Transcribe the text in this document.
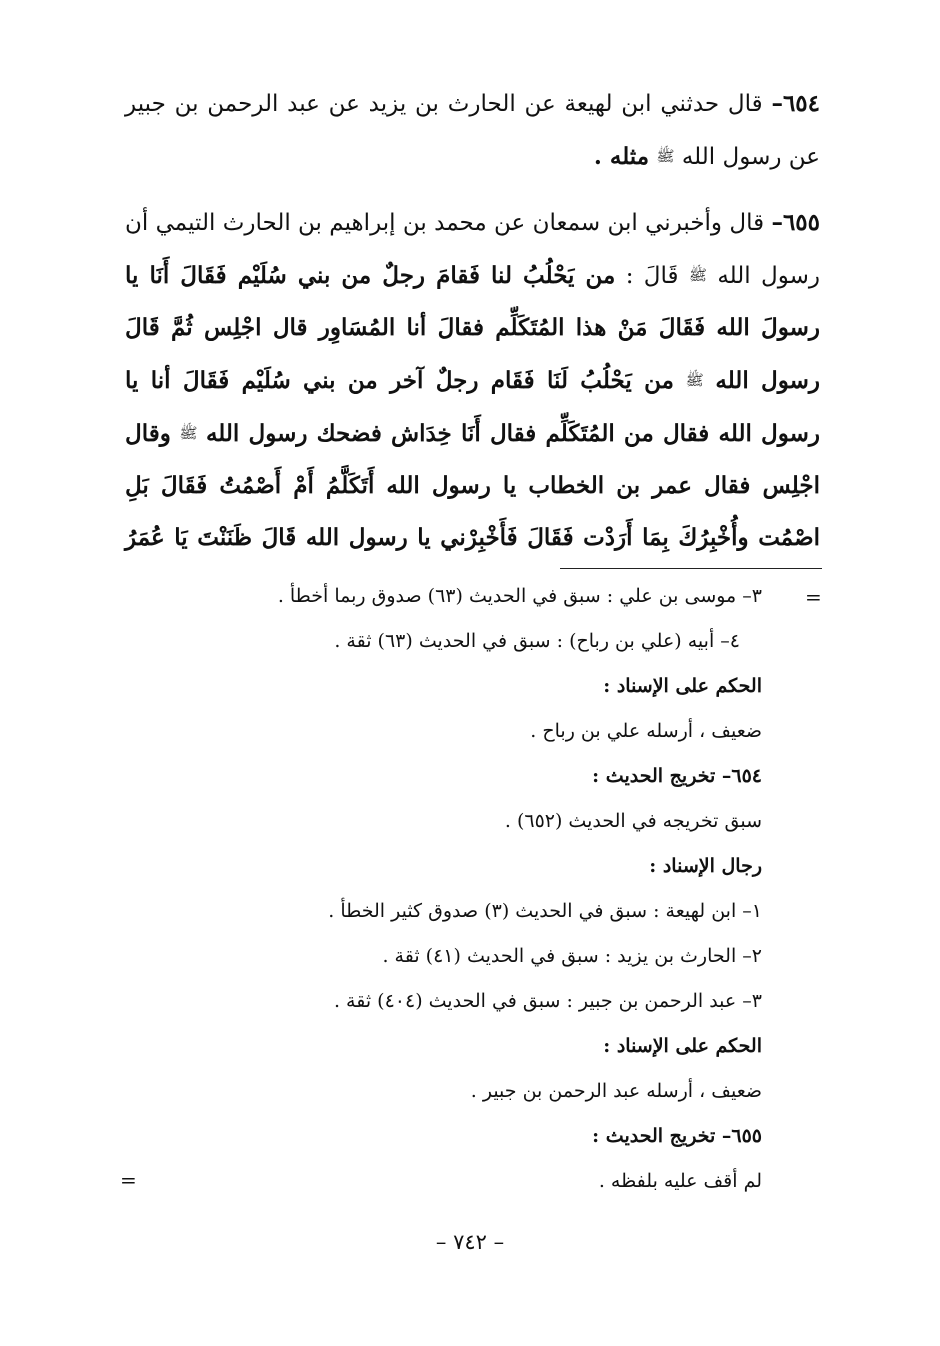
٦٥٤– قال حدثني ابن لهيعة عن الحارث بن يزيد عن عبد الرحمن بن جبير عن رسول الله ﷺ مثله .

٦٥٥– قال وأخبرني ابن سمعان عن محمد بن إبراهيم بن الحارث التيمي أن رسول الله ﷺ قَالَ : من يَحْلُبُ لنا فَقامَ رجلٌ من بني سُلَيْم فَقَالَ أَنَا يا رسولَ الله فَقَالَ مَنْ هذا المُتَكَلِّم فقالَ أنا المُسَاوِر قال اجْلِس ثُمَّ قَالَ رسول الله ﷺ من يَحْلُبُ لَنَا فَقَام رجلٌ آخر من بني سُلَيْم فَقَالَ أنا يا رسول الله فقال من المُتَكَلِّم فقال أَنَا خِدَاش فضحك رسول الله ﷺ وقال اجْلِس فقال عمر بن الخطاب يا رسول الله أَتَكَلَّمُ أَمْ أَصْمُتُ فَقَالَ بَلِ اصْمُت وأُخْبِرُكَ بِمَا أَرَدْت فَقَالَ فَأَخْبِرْني يا رسول الله قَالَ ظَنَنْتَ يَا عُمَرُ

=
٣– موسى بن علي : سبق في الحديث (٦٣) صدوق ربما أخطأ .
٤– أبيه (علي بن رباح) : سبق في الحديث (٦٣) ثقة .
الحكم على الإسناد :
ضعيف ، أرسله علي بن رباح .
٦٥٤– تخريج الحديث :
سبق تخريجه في الحديث (٦٥٢) .
رجال الإسناد :
١– ابن لهيعة : سبق في الحديث (٣) صدوق كثير الخطأ .
٢– الحارث بن يزيد : سبق في الحديث (٤١) ثقة .
٣– عبد الرحمن بن جبير : سبق في الحديث (٤٠٤) ثقة .
الحكم على الإسناد :
ضعيف ، أرسله عبد الرحمن بن جبير .
٦٥٥– تخريج الحديث :
لم أقف عليه بلفظه .
=
– ٧٤٢ –
